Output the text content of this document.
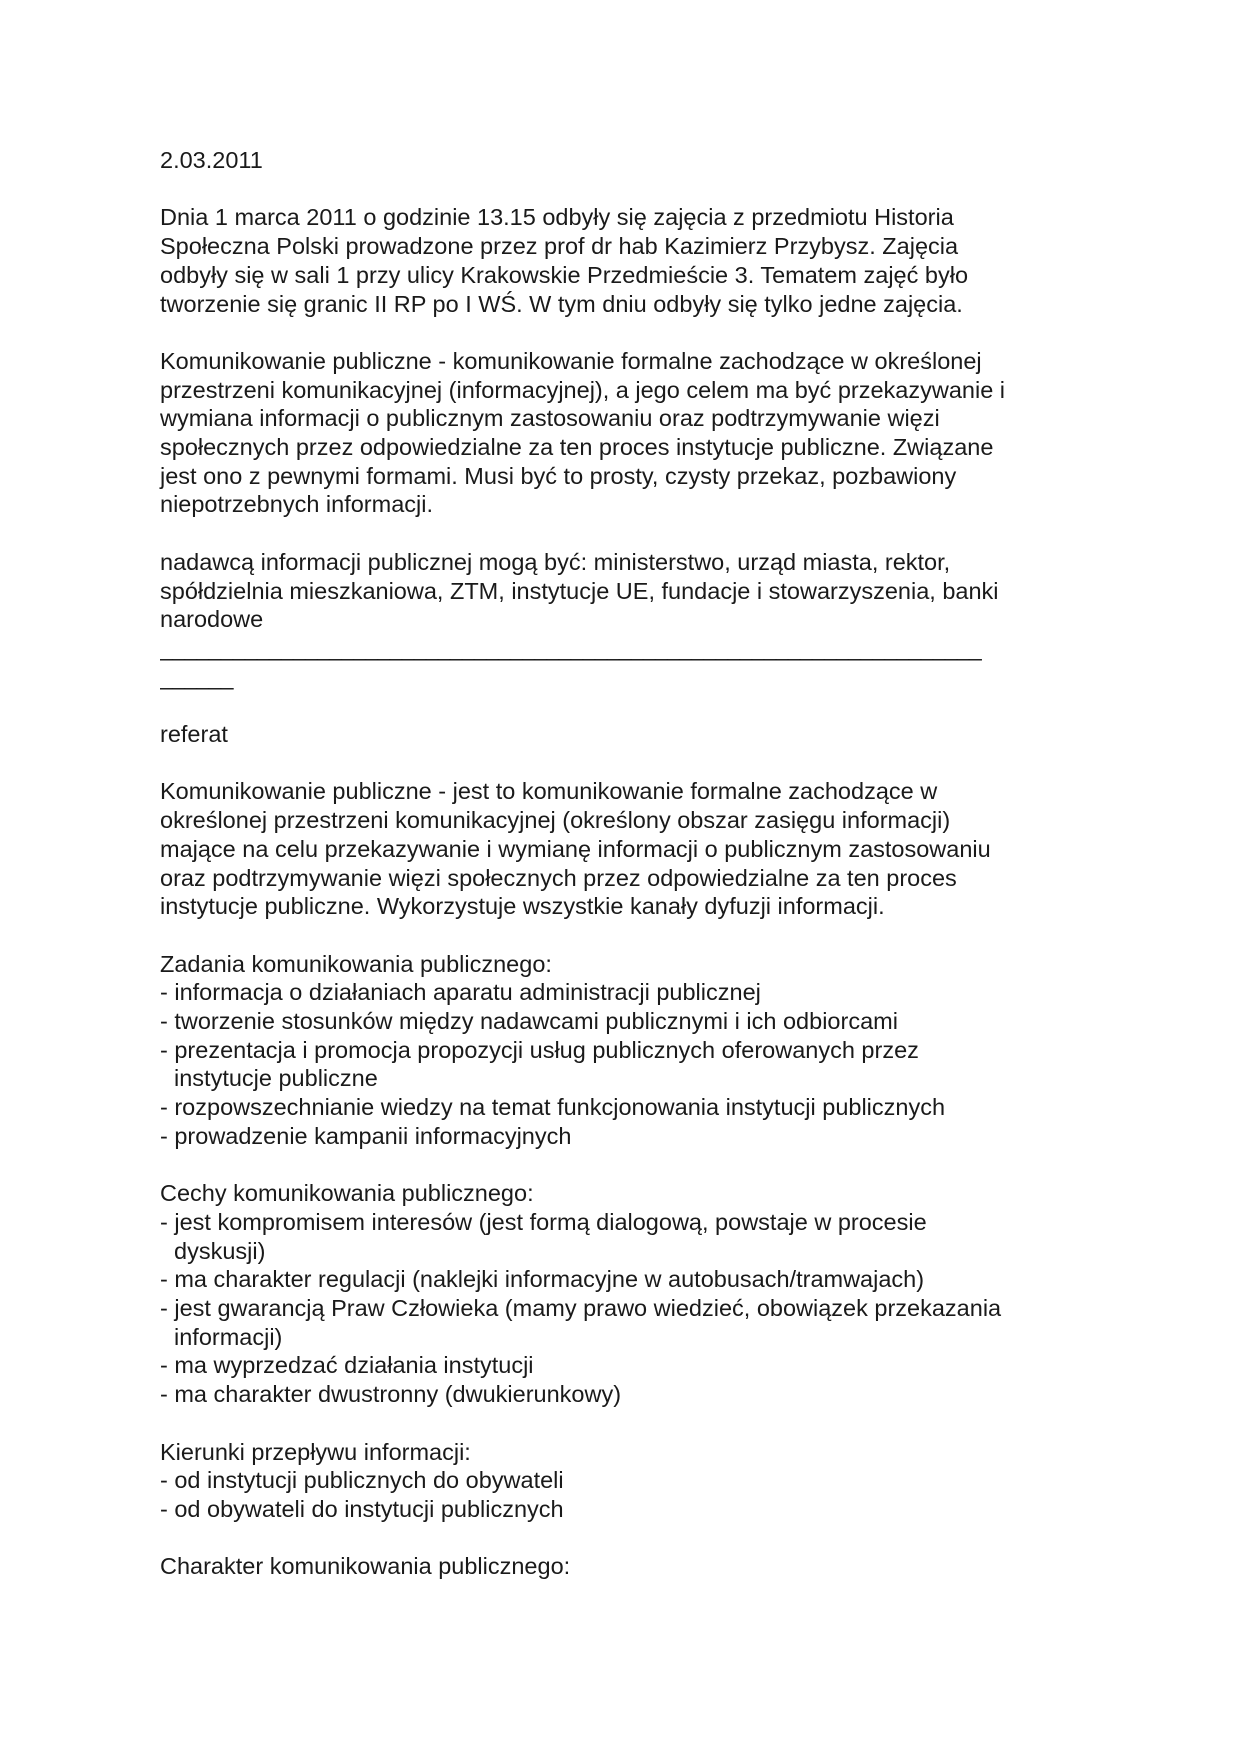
2.03.2011
Dnia 1 marca 2011 o godzinie 13.15 odbyły się zajęcia z przedmiotu Historia
Społeczna Polski prowadzone przez prof dr hab Kazimierz Przybysz. Zajęcia
odbyły się w sali 1 przy ulicy Krakowskie Przedmieście 3. Tematem zajęć było
tworzenie się granic II RP po I WŚ. W tym dniu odbyły się tylko jedne zajęcia.
Komunikowanie publiczne - komunikowanie formalne zachodzące w określonej
przestrzeni komunikacyjnej (informacyjnej), a jego celem ma być przekazywanie i
wymiana informacji o publicznym zastosowaniu oraz podtrzymywanie więzi
społecznych przez odpowiedzialne za ten proces instytucje publiczne. Związane
jest ono z pewnymi formami. Musi być to prosty, czysty przekaz, pozbawiony
niepotrzebnych informacji.
nadawcą informacji publicznej mogą być: ministerstwo, urząd miasta, rektor,
spółdzielnia mieszkaniowa, ZTM, instytucje UE, fundacje i stowarzyszenia, banki
narodowe
____________________________________________________________________
______
referat
Komunikowanie publiczne - jest to komunikowanie formalne zachodzące w
określonej przestrzeni komunikacyjnej (określony obszar zasięgu informacji)
mające na celu przekazywanie i wymianę informacji o publicznym zastosowaniu
oraz podtrzymywanie więzi społecznych przez odpowiedzialne za ten proces
instytucje publiczne. Wykorzystuje wszystkie kanały dyfuzji informacji.
Zadania komunikowania publicznego:
- informacja o działaniach aparatu administracji publicznej
- tworzenie stosunków między nadawcami publicznymi i ich odbiorcami
- prezentacja i promocja propozycji usług publicznych oferowanych przez
instytucje publiczne
- rozpowszechnianie wiedzy na temat funkcjonowania instytucji publicznych
- prowadzenie kampanii informacyjnych
Cechy komunikowania publicznego:
- jest kompromisem interesów (jest formą dialogową, powstaje w procesie
dyskusji)
- ma charakter regulacji (naklejki informacyjne w autobusach/tramwajach)
- jest gwarancją Praw Człowieka (mamy prawo wiedzieć, obowiązek przekazania
informacji)
- ma wyprzedzać działania instytucji
- ma charakter dwustronny (dwukierunkowy)
Kierunki przepływu informacji:
- od instytucji publicznych do obywateli
- od obywateli do instytucji publicznych
Charakter komunikowania publicznego:
